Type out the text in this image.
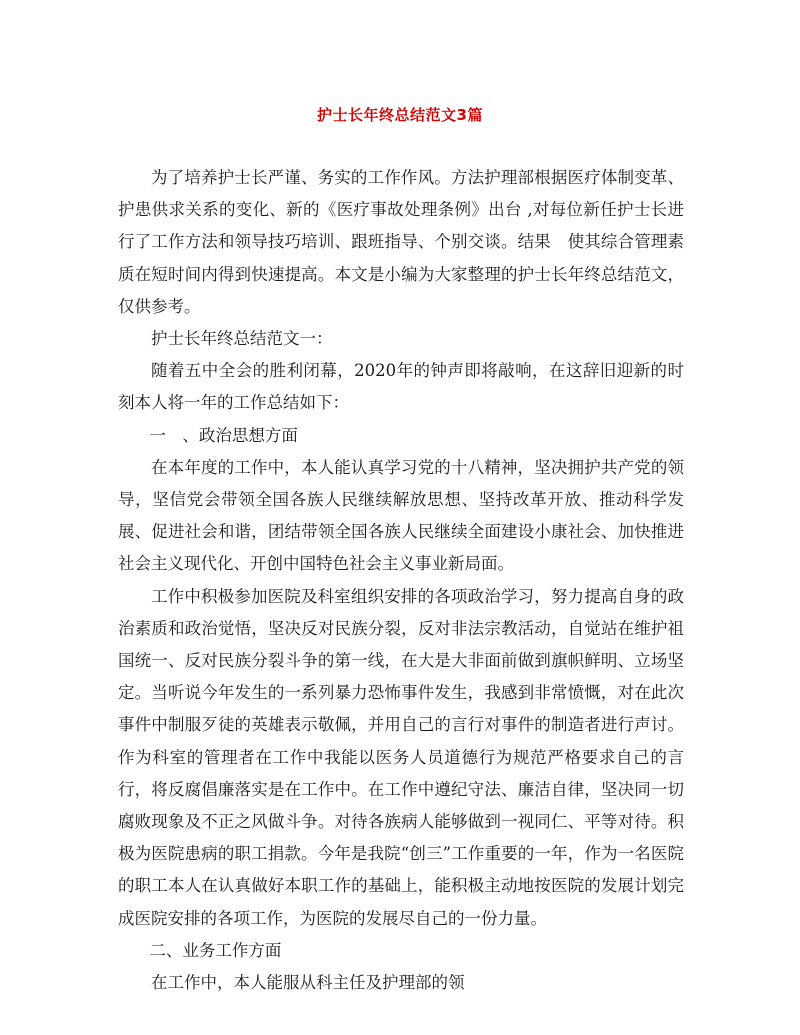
护士长年终总结范文3篇

为了培养护士长严谨、务实的工作作风。方法护理部根据医疗体制变革、护患供求关系的变化、新的《医疗事故处理条例》出台 ,对每位新任护士长进行了工作方法和领导技巧培训、跟班指导、个别交谈。结果　使其综合管理素质在短时间内得到快速提高。本文是小编为大家整理的护士长年终总结范文，仅供参考。

护士长年终总结范文一：

随着五中全会的胜利闭幕，2020年的钟声即将敲响，在这辞旧迎新的时刻本人将一年的工作总结如下：

一　、政治思想方面

在本年度的工作中，本人能认真学习党的十八精神，坚决拥护共产党的领导，坚信党会带领全国各族人民继续解放思想、坚持改革开放、推动科学发展、促进社会和谐，团结带领全国各族人民继续全面建设小康社会、加快推进社会主义现代化、开创中国特色社会主义事业新局面。

工作中积极参加医院及科室组织安排的各项政治学习，努力提高自身的政治素质和政治觉悟，坚决反对民族分裂，反对非法宗教活动，自觉站在维护祖国统一、反对民族分裂斗争的第一线，在大是大非面前做到旗帜鲜明、立场坚定。当听说今年发生的一系列暴力恐怖事件发生，我感到非常愤慨，对在此次事件中制服歹徒的英雄表示敬佩，并用自己的言行对事件的制造者进行声讨。作为科室的管理者在工作中我能以医务人员道德行为规范严格要求自己的言行，将反腐倡廉落实是在工作中。在工作中遵纪守法、廉洁自律，坚决同一切腐败现象及不正之风做斗争。对待各族病人能够做到一视同仁、平等对待。积极为医院患病的职工捐款。今年是我院“创三”工作重要的一年，作为一名医院的职工本人在认真做好本职工作的基础上，能积极主动地按医院的发展计划完成医院安排的各项工作，为医院的发展尽自己的一份力量。

二、业务工作方面

在工作中，本人能服从科主任及护理部的领
